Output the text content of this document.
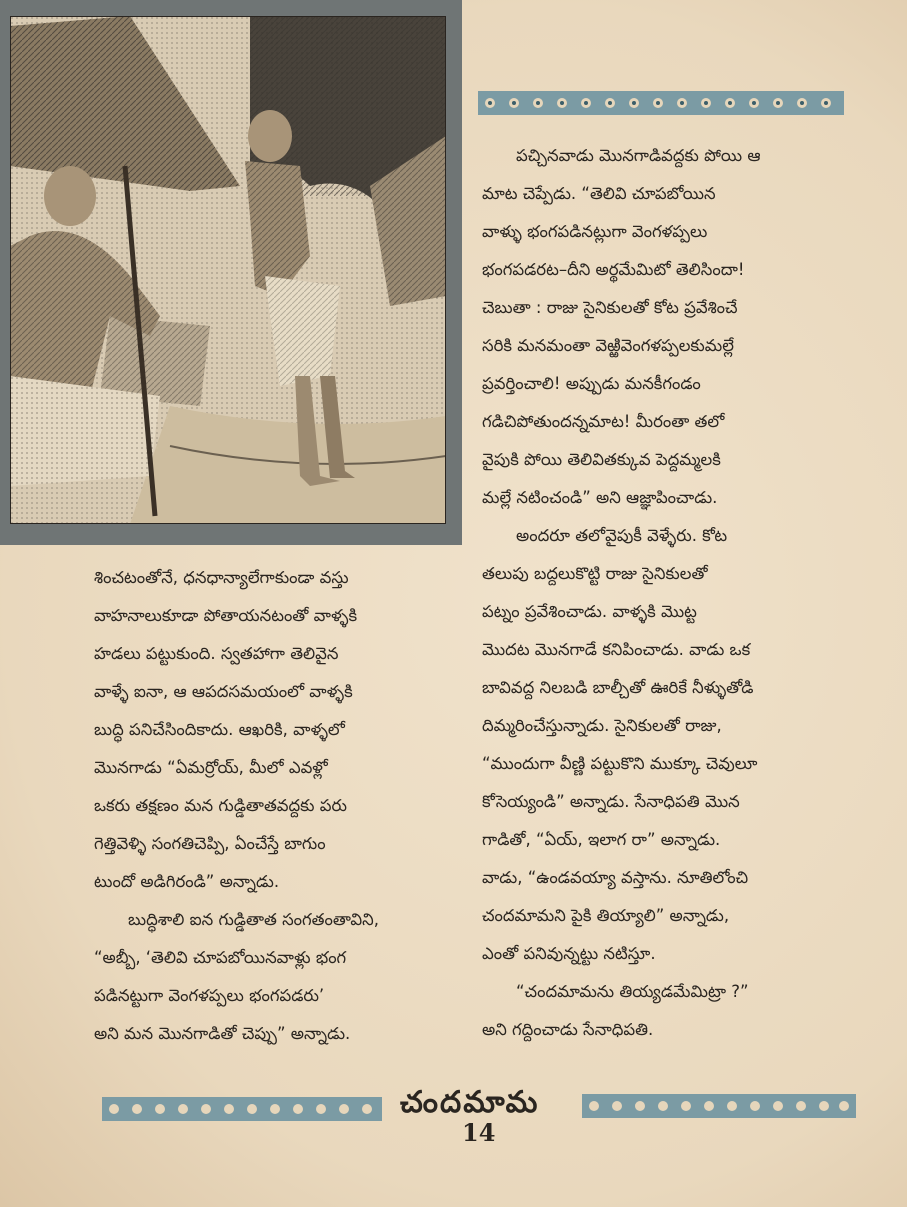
పచ్చినవాడు మొనగాడివద్దకు పోయి ఆ

మాట చెప్పేడు. “తెలివి చూపబోయిన

వాళ్ళు భంగపడినట్లుగా వెంగళప్పలు

భంగపడరట–దీని అర్థమేమిటో తెలిసిందా!

చెబుతా : రాజు సైనికులతో కోట ప్రవేశించే

సరికి మనమంతా వెఱ్ఱివెంగళప్పలకుమల్లే

ప్రవర్తించాలి! అప్పుడు మనకీగండం

గడిచిపోతుందన్నమాట! మీరంతా తలో

వైపుకి పోయి తెలివితక్కువ పెద్దమ్మలకి

మల్లే నటించండి” అని ఆజ్ఞాపించాడు.

అందరూ తలోవైపుకీ వెళ్ళేరు. కోట

తలుపు బద్దలుకొట్టి రాజు సైనికులతో

పట్నం ప్రవేశించాడు. వాళ్ళకి మొట్ట

మొదట మొనగాడే కనిపించాడు. వాడు ఒక

బావివద్ద నిలబడి బాల్చీతో ఊరికే నీళ్ళుతోడి

దిమ్మరించేస్తున్నాడు. సైనికులతో రాజు,

“ముందుగా వీణ్ణి పట్టుకొని ముక్కూ చెవులూ

కోసెయ్యండి” అన్నాడు. సేనాధిపతి మొన

గాడితో, “ఏయ్, ఇలాగ రా” అన్నాడు.

వాడు, “ఉండవయ్యా వస్తాను. నూతిలోంచి

చందమామని పైకి తియ్యాలి” అన్నాడు,

ఎంతో పనివున్నట్టు నటిస్తూ.

“చందమామను తియ్యడమేమిట్రా ?”

అని గద్దించాడు సేనాధిపతి.

శించటంతోనే, ధనధాన్యాలేగాకుండా వస్తు

వాహనాలుకూడా పోతాయనటంతో వాళ్ళకి

హడలు పట్టుకుంది. స్వతహాగా తెలివైన

వాళ్ళే ఐనా, ఆ ఆపదసమయంలో వాళ్ళకి

బుద్ధి పనిచేసిందికాదు. ఆఖరికి, వాళ్ళలో

మొనగాడు “ఏమర్రోయ్, మీలో ఎవళ్లో

ఒకరు తక్షణం మన గుడ్డితాతవద్దకు పరు

గెత్తివెళ్ళి సంగతిచెప్పి, ఏంచేస్తే బాగుం

టుందో అడిగిరండి” అన్నాడు.

బుద్ధిశాలి ఐన గుడ్డితాత సంగతంతావిని,

“అబ్బీ, ‘తెలివి చూపబోయినవాళ్లు భంగ

పడినట్టుగా వెంగళప్పలు భంగపడరు’

అని మన మొనగాడితో చెప్పు” అన్నాడు.

చందమామ
14
